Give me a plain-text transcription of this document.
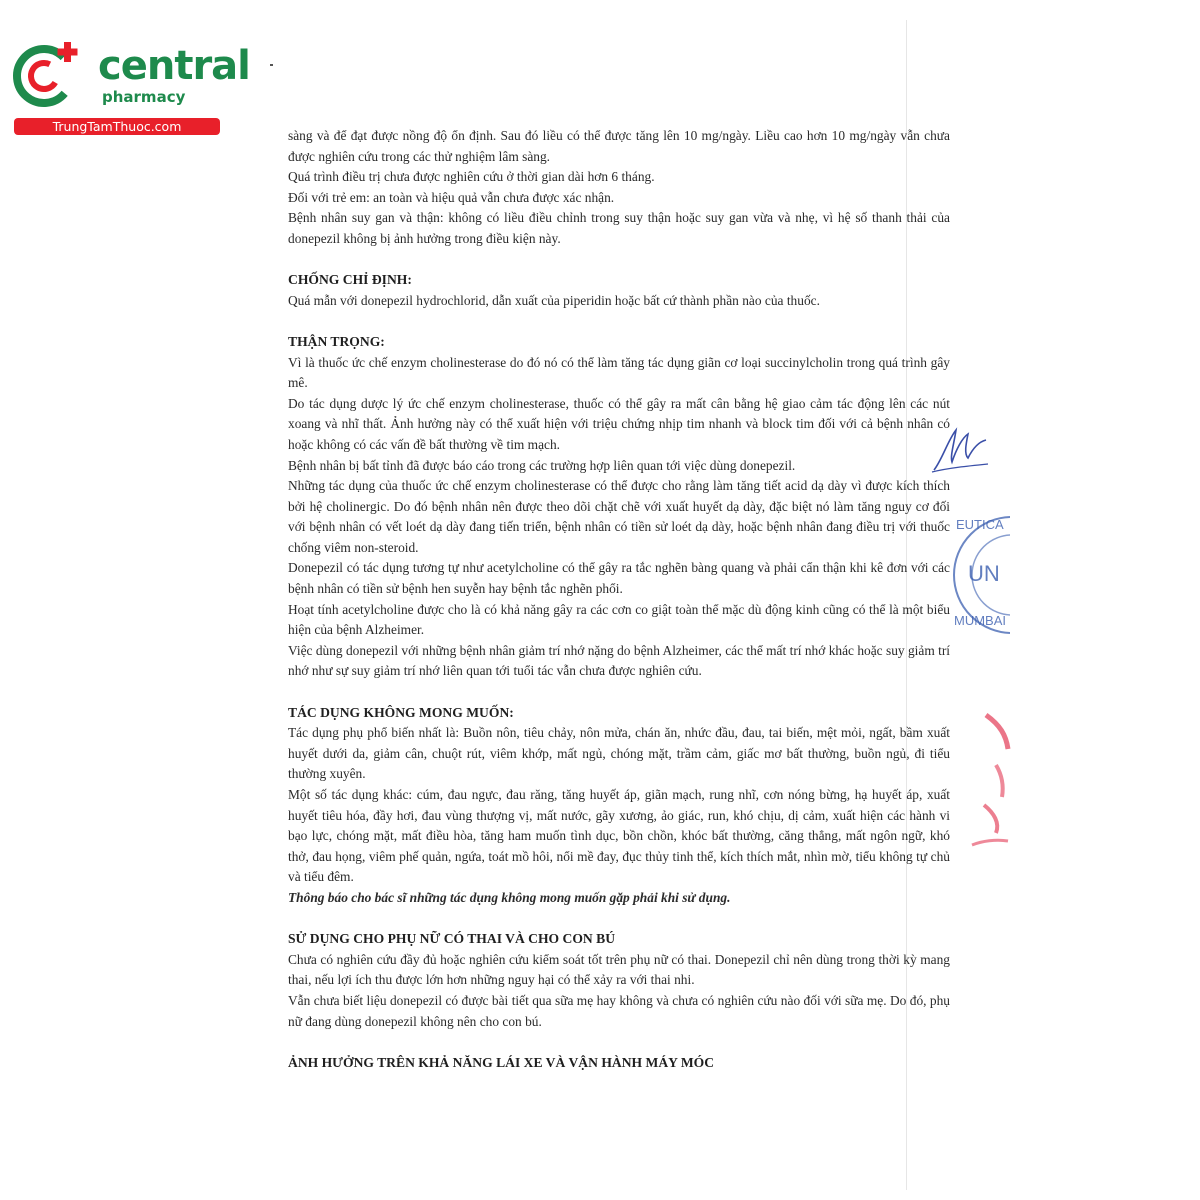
central
pharmacy
TrungTamThuoc.com

sàng và để đạt được nồng độ ổn định. Sau đó liều có thể được tăng lên 10 mg/ngày. Liều cao hơn 10 mg/ngày vẫn chưa được nghiên cứu trong các thử nghiệm lâm sàng.

Quá trình điều trị chưa được nghiên cứu ở thời gian dài hơn 6 tháng.

Đối với trẻ em: an toàn và hiệu quả vẫn chưa được xác nhận.

Bệnh nhân suy gan và thận: không có liều điều chỉnh trong suy thận hoặc suy gan vừa và nhẹ, vì hệ số thanh thải của donepezil không bị ảnh hưởng trong điều kiện này.

CHỐNG CHỈ ĐỊNH:

Quá mẫn với donepezil hydrochlorid, dẫn xuất của piperidin hoặc bất cứ thành phần nào của thuốc.

THẬN TRỌNG:

Vì là thuốc ức chế enzym cholinesterase do đó nó có thể làm tăng tác dụng giãn cơ loại succinylcholin trong quá trình gây mê.

Do tác dụng dược lý ức chế enzym cholinesterase, thuốc có thể gây ra mất cân bằng hệ giao cảm tác động lên các nút xoang và nhĩ thất. Ảnh hưởng này có thể xuất hiện với triệu chứng nhịp tim nhanh và block tim đối với cả bệnh nhân có hoặc không có các vấn đề bất thường về tim mạch.

Bệnh nhân bị bất tỉnh đã được báo cáo trong các trường hợp liên quan tới việc dùng donepezil.

Những tác dụng của thuốc ức chế enzym cholinesterase có thể được cho rằng làm tăng tiết acid dạ dày vì được kích thích bởi hệ cholinergic. Do đó bệnh nhân nên được theo dõi chặt chẽ với xuất huyết dạ dày, đặc biệt nó làm tăng nguy cơ đối với bệnh nhân có vết loét dạ dày đang tiến triển, bệnh nhân có tiền sử loét dạ dày, hoặc bệnh nhân đang điều trị với thuốc chống viêm non-steroid.

Donepezil có tác dụng tương tự như acetylcholine có thể gây ra tắc nghẽn bàng quang và phải cẩn thận khi kê đơn với các bệnh nhân có tiền sử bệnh hen suyễn hay bệnh tắc nghẽn phổi.

Hoạt tính acetylcholine được cho là có khả năng gây ra các cơn co giật toàn thể mặc dù động kinh cũng có thể là một biểu hiện của bệnh Alzheimer.

Việc dùng donepezil với những bệnh nhân giảm trí nhớ nặng do bệnh Alzheimer, các thể mất trí nhớ khác hoặc suy giảm trí nhớ như sự suy giảm trí nhớ liên quan tới tuổi tác vẫn chưa được nghiên cứu.

TÁC DỤNG KHÔNG MONG MUỐN:

Tác dụng phụ phổ biến nhất là: Buồn nôn, tiêu chảy, nôn mửa, chán ăn, nhức đầu, đau, tai biến, mệt mỏi, ngất, bầm xuất huyết dưới da, giảm cân, chuột rút, viêm khớp, mất ngủ, chóng mặt, trầm cảm, giấc mơ bất thường, buồn ngủ, đi tiểu thường xuyên.

Một số tác dụng khác: cúm, đau ngực, đau răng, tăng huyết áp, giãn mạch, rung nhĩ, cơn nóng bừng, hạ huyết áp, xuất huyết tiêu hóa, đầy hơi, đau vùng thượng vị, mất nước, gãy xương, ảo giác, run, khó chịu, dị cảm, xuất hiện các hành vi bạo lực, chóng mặt, mất điều hòa, tăng ham muốn tình dục, bồn chồn, khóc bất thường, căng thẳng, mất ngôn ngữ, khó thở, đau họng, viêm phế quản, ngứa, toát mồ hôi, nổi mề đay, đục thủy tinh thể, kích thích mắt, nhìn mờ, tiểu không tự chủ và tiểu đêm.

Thông báo cho bác sĩ những tác dụng không mong muốn gặp phải khi sử dụng.

SỬ DỤNG CHO PHỤ NỮ CÓ THAI VÀ CHO CON BÚ

Chưa có nghiên cứu đầy đủ hoặc nghiên cứu kiểm soát tốt trên phụ nữ có thai. Donepezil chỉ nên dùng trong thời kỳ mang thai, nếu lợi ích thu được lớn hơn những nguy hại có thể xảy ra với thai nhi.

Vẫn chưa biết liệu donepezil có được bài tiết qua sữa mẹ hay không và chưa có nghiên cứu nào đối với sữa mẹ. Do đó, phụ nữ đang dùng donepezil không nên cho con bú.

ẢNH HƯỞNG TRÊN KHẢ NĂNG LÁI XE VÀ VẬN HÀNH MÁY MÓC
EUTICA
UN
MUMBAI
